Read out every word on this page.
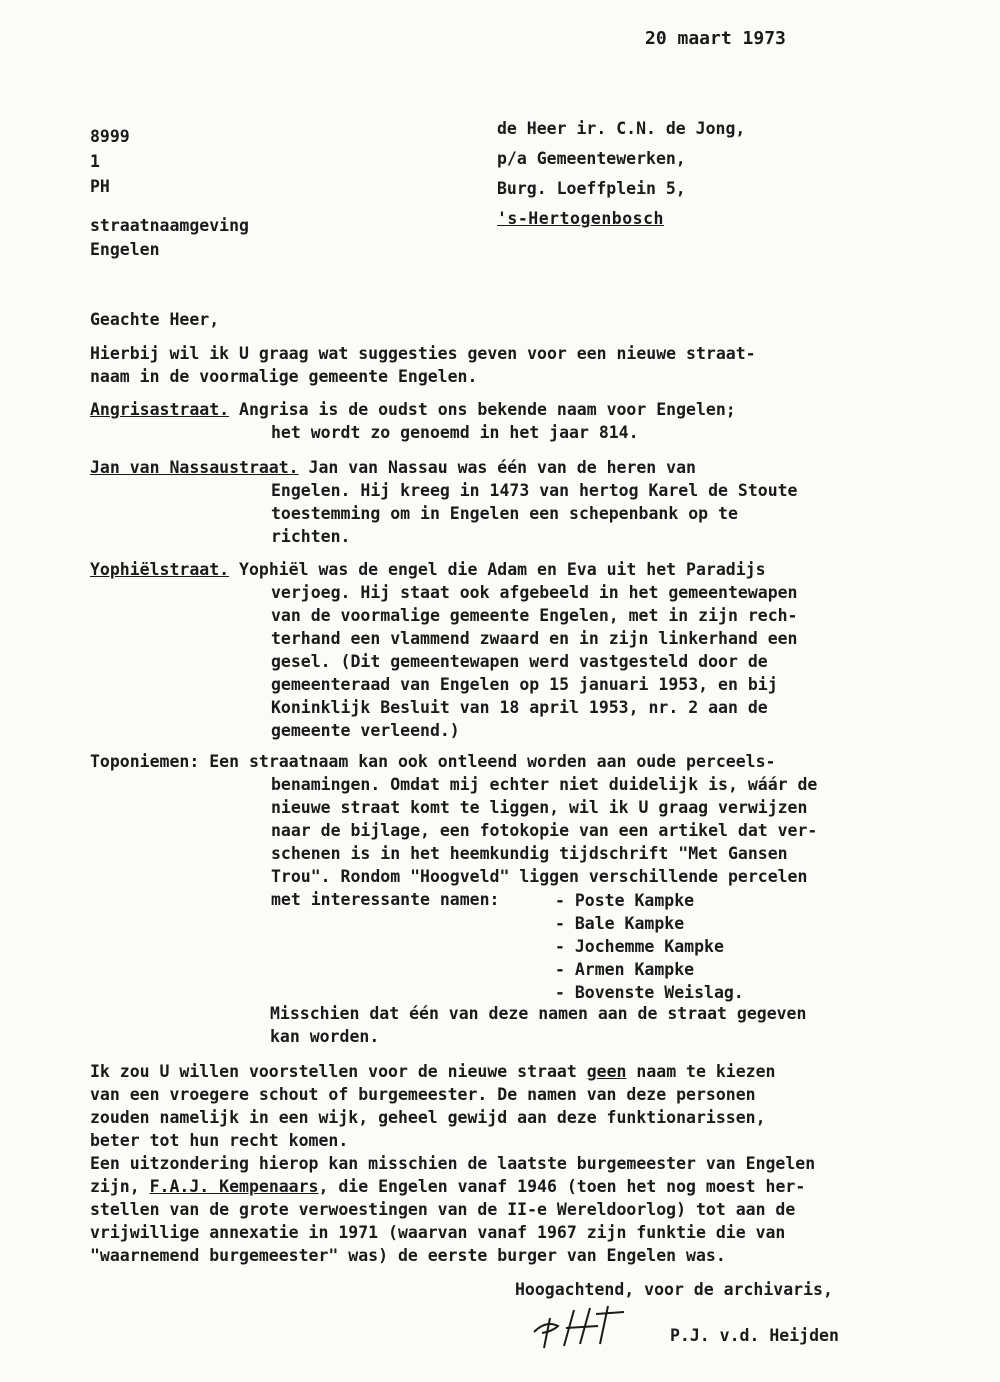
20 maart 1973
8999
1
PH
de Heer ir. C.N. de Jong,
p/a Gemeentewerken,
Burg. Loeffplein 5,
's-Hertogenbosch
straatnaamgeving
Engelen
Geachte Heer,
Hierbij wil ik U graag wat suggesties geven voor een nieuwe straat-
naam in de voormalige gemeente Engelen.
Angrisastraat. Angrisa is de oudst ons bekende naam voor Engelen;
het wordt zo genoemd in het jaar 814.
Jan van Nassaustraat. Jan van Nassau was één van de heren van
Engelen. Hij kreeg in 1473 van hertog Karel de Stoute
toestemming om in Engelen een schepenbank op te
richten.
Yophiëlstraat. Yophiël was de engel die Adam en Eva uit het Paradijs
verjoeg. Hij staat ook afgebeeld in het gemeentewapen
van de voormalige gemeente Engelen, met in zijn rech-
terhand een vlammend zwaard en in zijn linkerhand een
gesel. (Dit gemeentewapen werd vastgesteld door de
gemeenteraad van Engelen op 15 januari 1953, en bij
Koninklijk Besluit van 18 april 1953, nr. 2 aan de
gemeente verleend.)
Toponiemen: Een straatnaam kan ook ontleend worden aan oude perceels-
benamingen. Omdat mij echter niet duidelijk is, wáár de
nieuwe straat komt te liggen, wil ik U graag verwijzen
naar de bijlage, een fotokopie van een artikel dat ver-
schenen is in het heemkundig tijdschrift "Met Gansen
Trou". Rondom "Hoogveld" liggen verschillende percelen
met interessante namen:	- Poste Kampke
- Bale Kampke
- Jochemme Kampke
- Armen Kampke
- Bovenste Weislag.
Misschien dat één van deze namen aan de straat gegeven
kan worden.
Ik zou U willen voorstellen voor de nieuwe straat geen naam te kiezen
van een vroegere schout of burgemeester. De namen van deze personen
zouden namelijk in een wijk, geheel gewijd aan deze funktionarissen,
beter tot hun recht komen.
Een uitzondering hierop kan misschien de laatste burgemeester van Engelen
zijn, F.A.J. Kempenaars, die Engelen vanaf 1946 (toen het nog moest her-
stellen van de grote verwoestingen van de II-e Wereldoorlog) tot aan de
vrijwillige annexatie in 1971 (waarvan vanaf 1967 zijn funktie die van
"waarnemend burgemeester" was) de eerste burger van Engelen was.
Hoogachtend, voor de archivaris,
P.J. v.d. Heijden
